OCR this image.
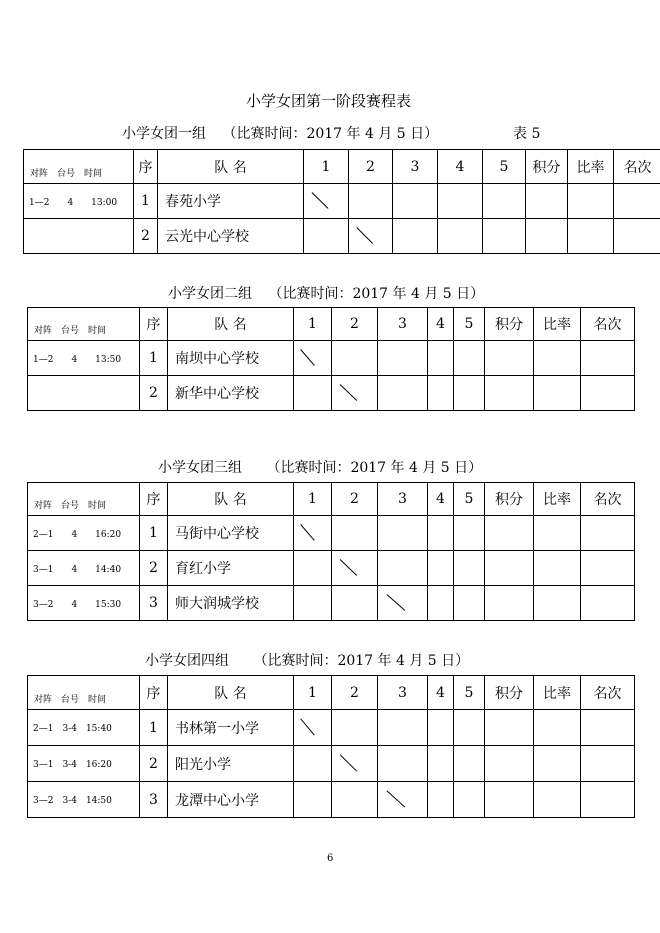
小学女团第一阶段赛程表
小学女团一组 （比赛时间：2017 年 4 月 5 日）	表 5
对阵　台号　时间	序	队 名	1	2	3	4	5	积分	比率	名次
1—2　　4　　13:00	1	春苑小学	

	2	云光中心学校		

小学女团二组 （比赛时间：2017 年 4 月 5 日）
对阵　台号　时间	序	队 名	1	2	3	4	5	积分	比率	名次
1—2　　4　　13:50	1	南坝中心学校	

	2	新华中心学校		

小学女团三组 （比赛时间：2017 年 4 月 5 日）
对阵　台号　时间	序	队 名	1	2	3	4	5	积分	比率	名次
2—1　　4　　16:20	1	马街中心学校	

3—1　　4　　14:40	2	育红小学		

3—2　　4　　15:30	3	师大润城学校			

小学女团四组 （比赛时间：2017 年 4 月 5 日）
对阵　台号　时间	序	队 名	1	2	3	4	5	积分	比率	名次
2—1　3-4　15:40	1	书林第一小学	

3—1　3-4　16:20	2	阳光小学		

3—2　3-4　14:50	3	龙潭中心小学			

6
